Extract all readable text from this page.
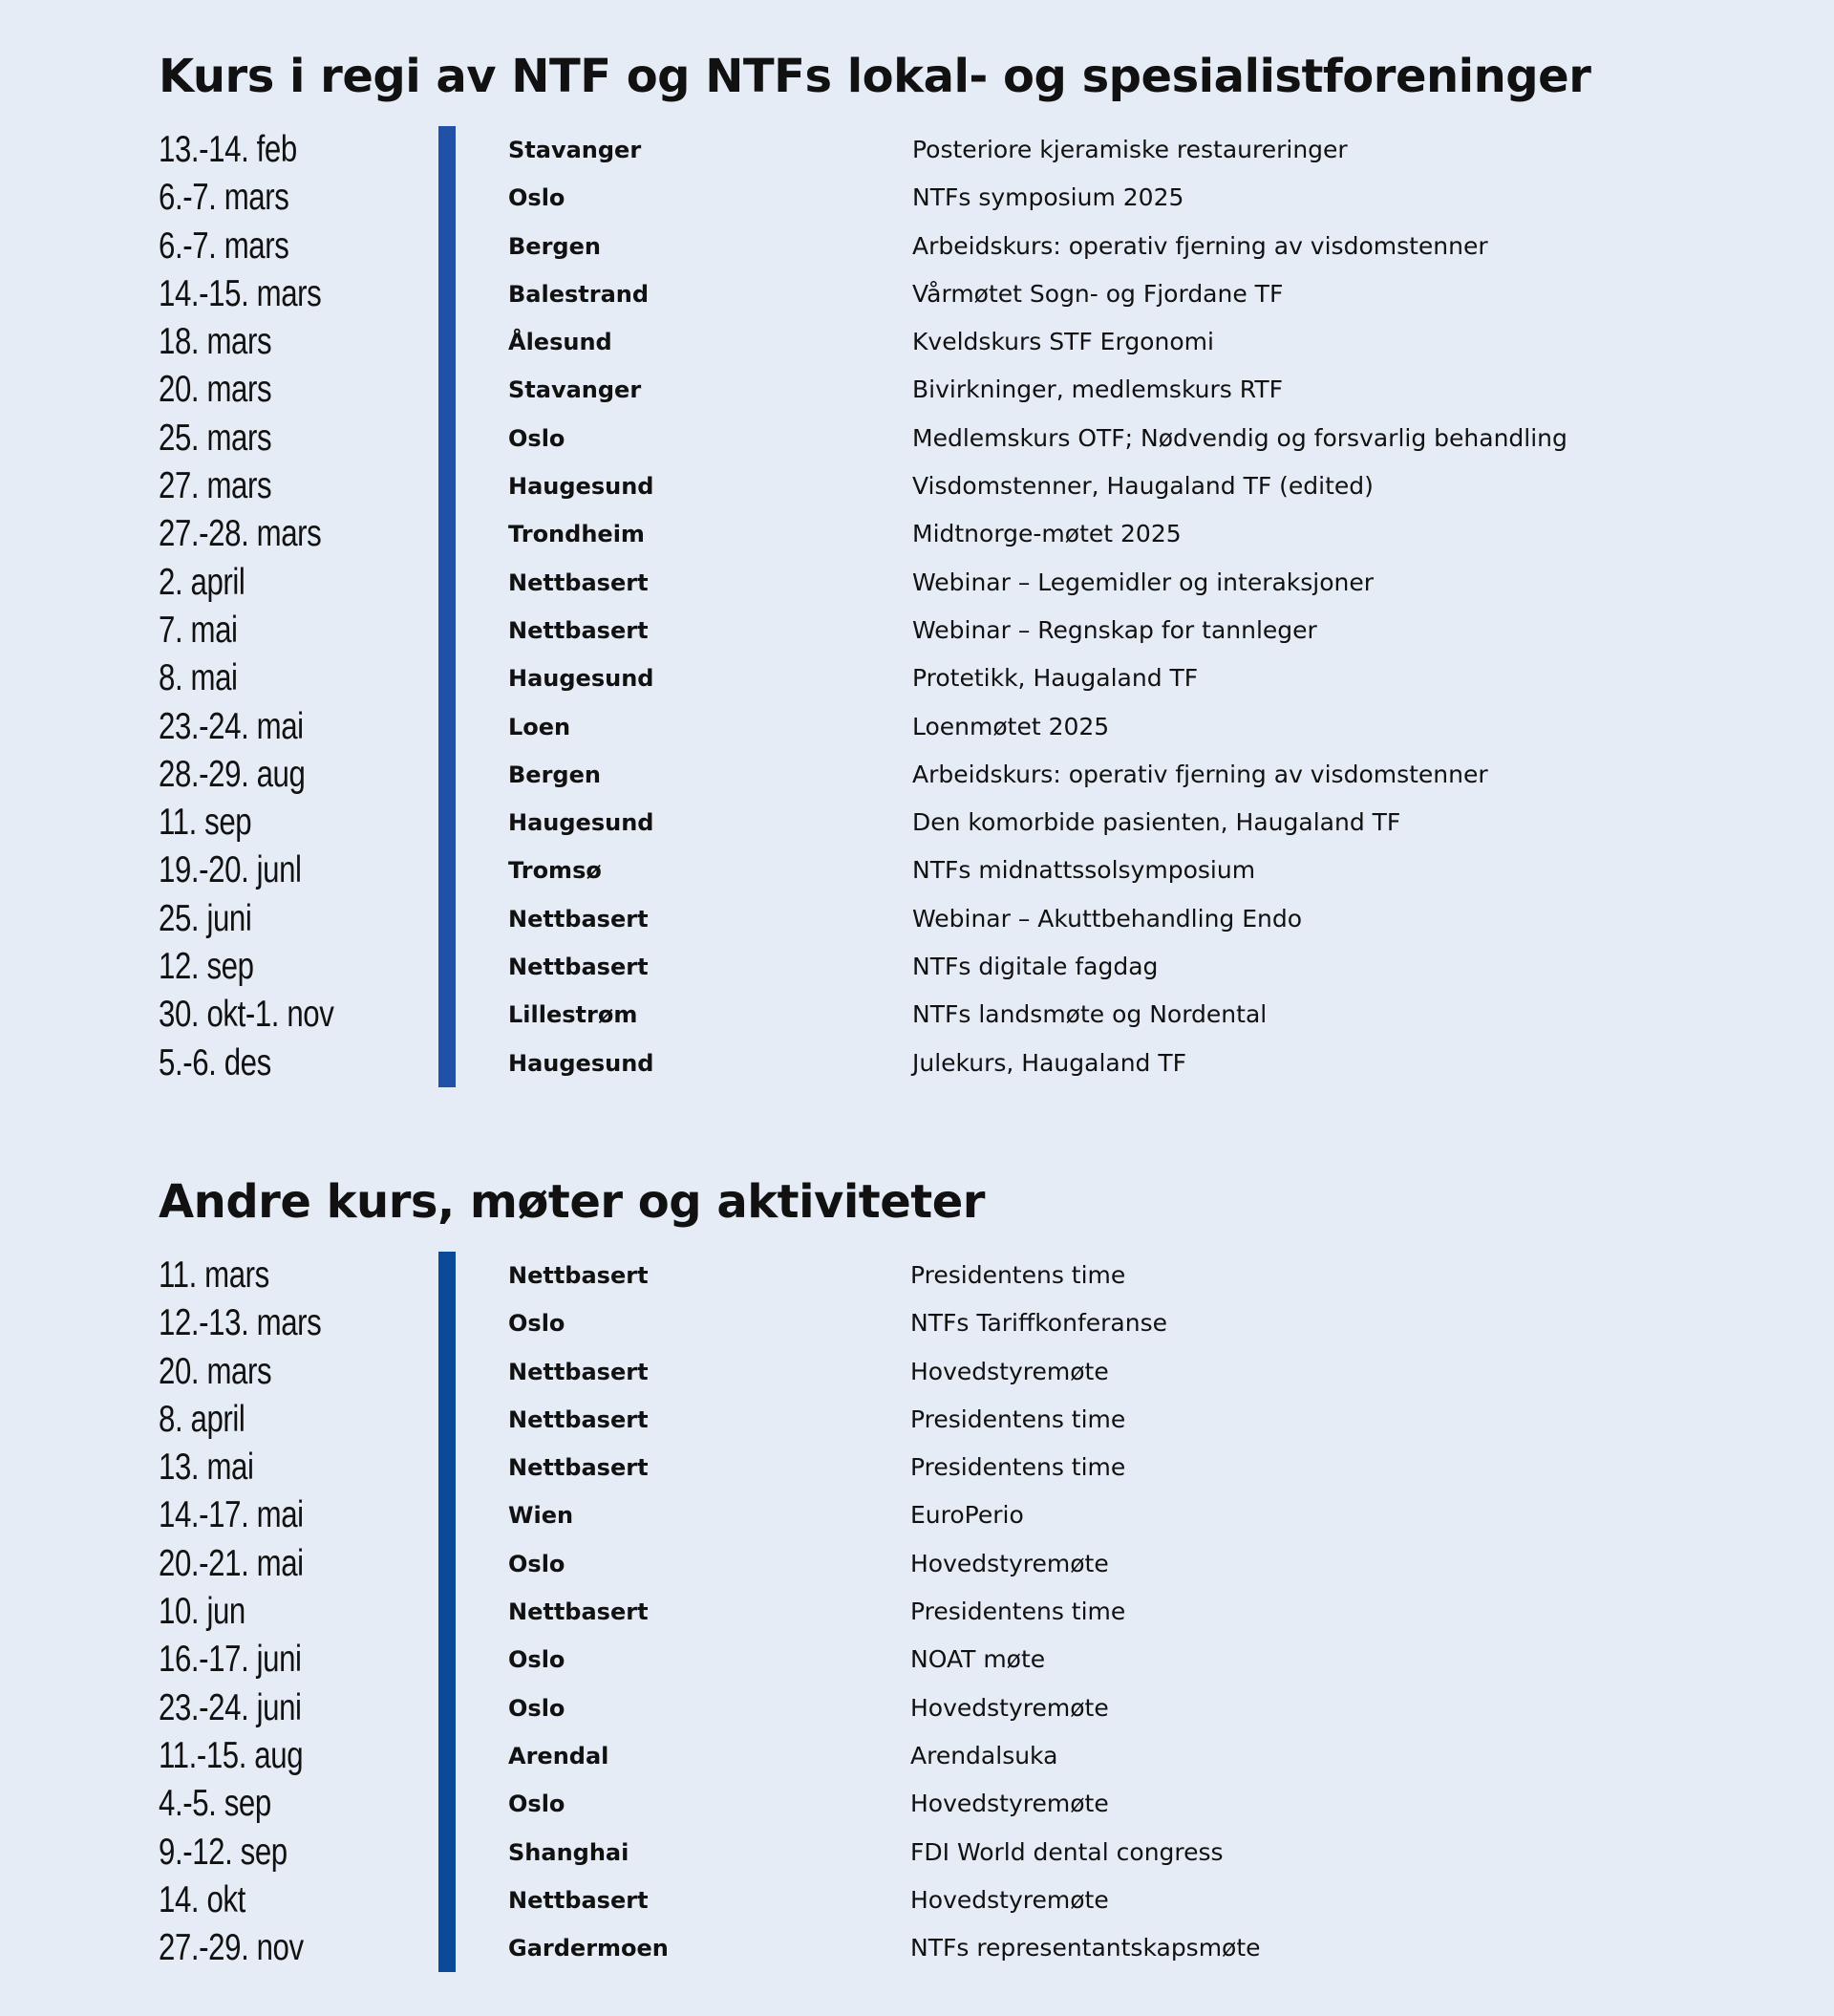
Kurs i regi av NTF og NTFs lokal- og spesialistforeninger
13.-14. feb	Stavanger	Posteriore kjeramiske restaureringer
6.-7. mars	Oslo	NTFs symposium 2025
6.-7. mars	Bergen	Arbeidskurs: operativ fjerning av visdomstenner
14.-15. mars	Balestrand	Vårmøtet Sogn- og Fjordane TF
18. mars	Ålesund	Kveldskurs STF Ergonomi
20. mars	Stavanger	Bivirkninger, medlemskurs RTF
25. mars	Oslo	Medlemskurs OTF; Nødvendig og forsvarlig behandling
27. mars	Haugesund	Visdomstenner, Haugaland TF (edited)
27.-28. mars	Trondheim	Midtnorge-møtet 2025
2. april	Nettbasert	Webinar – Legemidler og interaksjoner
7. mai	Nettbasert	Webinar – Regnskap for tannleger
8. mai	Haugesund	Protetikk, Haugaland TF
23.-24. mai	Loen	Loenmøtet 2025
28.-29. aug	Bergen	Arbeidskurs: operativ fjerning av visdomstenner
11. sep	Haugesund	Den komorbide pasienten, Haugaland TF
19.-20. junl	Tromsø	NTFs midnattssolsymposium
25. juni	Nettbasert	Webinar – Akuttbehandling Endo
12. sep	Nettbasert	NTFs digitale fagdag
30. okt-1. nov	Lillestrøm	NTFs landsmøte og Nordental
5.-6. des	Haugesund	Julekurs, Haugaland TF
Andre kurs, møter og aktiviteter
11. mars	Nettbasert	Presidentens time
12.-13. mars	Oslo	NTFs Tariffkonferanse
20. mars	Nettbasert	Hovedstyremøte
8. april	Nettbasert	Presidentens time
13. mai	Nettbasert	Presidentens time
14.-17. mai	Wien	EuroPerio
20.-21. mai	Oslo	Hovedstyremøte
10. jun	Nettbasert	Presidentens time
16.-17. juni	Oslo	NOAT møte
23.-24. juni	Oslo	Hovedstyremøte
11.-15. aug	Arendal	Arendalsuka
4.-5. sep	Oslo	Hovedstyremøte
9.-12. sep	Shanghai	FDI World dental congress
14. okt	Nettbasert	Hovedstyremøte
27.-29. nov	Gardermoen	NTFs representantskapsmøte
